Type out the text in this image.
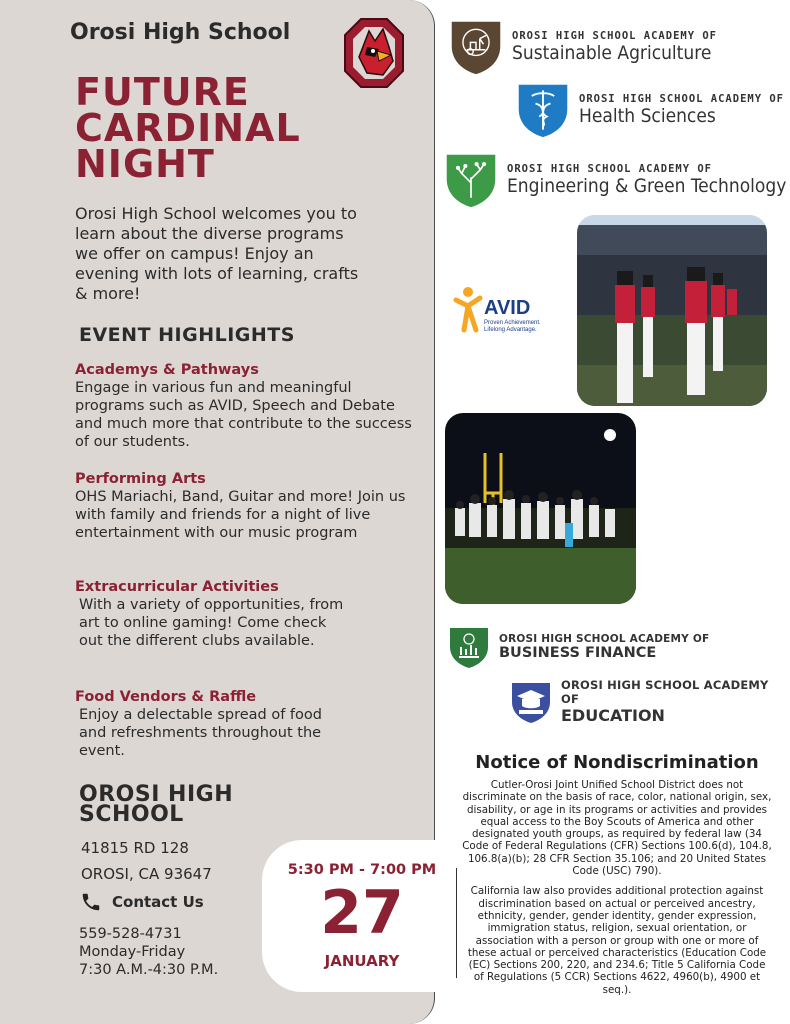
Orosi High School
FUTURE
CARDINAL
NIGHT

Orosi High School welcomes you to learn about the diverse programs we offer on campus! Enjoy an evening with lots of learning, crafts & more!

EVENT HIGHLIGHTS
Academys & Pathways

Engage in various fun and meaningful programs such as AVID, Speech and Debate and much more that contribute to the success of our students.

Performing Arts

OHS Mariachi, Band, Guitar and more! Join us with family and friends for a night of live entertainment with our music program

Extracurricular Activities

With a variety of opportunities, from art to online gaming! Come check out the different clubs available.

Food Vendors & Raffle

Enjoy a delectable spread of food and refreshments throughout the event.

OROSI HIGH
SCHOOL
41815 RD 128
OROSI, CA 93647
Contact Us
559-528-4731
Monday-Friday
7:30 A.M.-4:30 P.M.
5:30 PM - 7:00 PM
27
JANUARY
OROSI HIGH SCHOOL ACADEMY OF
Sustainable Agriculture
OROSI HIGH SCHOOL ACADEMY OF
Health Sciences
OROSI HIGH SCHOOL ACADEMY OF
Engineering & Green Technology
AVID
Proven Achievement.
Lifelong Advantage.
OROSI HIGH SCHOOL ACADEMY OF
BUSINESS FINANCE
OROSI HIGH SCHOOL ACADEMY OF
EDUCATION
Notice of Nondiscrimination

Cutler-Orosi Joint Unified School District does not discriminate on the basis of race, color, national origin, sex, disability, or age in its programs or activities and provides equal access to the Boy Scouts of America and other designated youth groups, as required by federal law (34 Code of Federal Regulations (CFR) Sections 100.6(d), 104.8, 106.8(a)(b); 28 CFR Section 35.106; and 20 United States Code (USC) 790).

California law also provides additional protection against discrimination based on actual or perceived ancestry, ethnicity, gender, gender identity, gender expression, immigration status, religion, sexual orientation, or association with a person or group with one or more of these actual or perceived characteristics (Education Code (EC) Sections 200, 220, and 234.6; Title 5 California Code of Regulations (5 CCR) Sections 4622, 4960(b), 4900 et seq.).
